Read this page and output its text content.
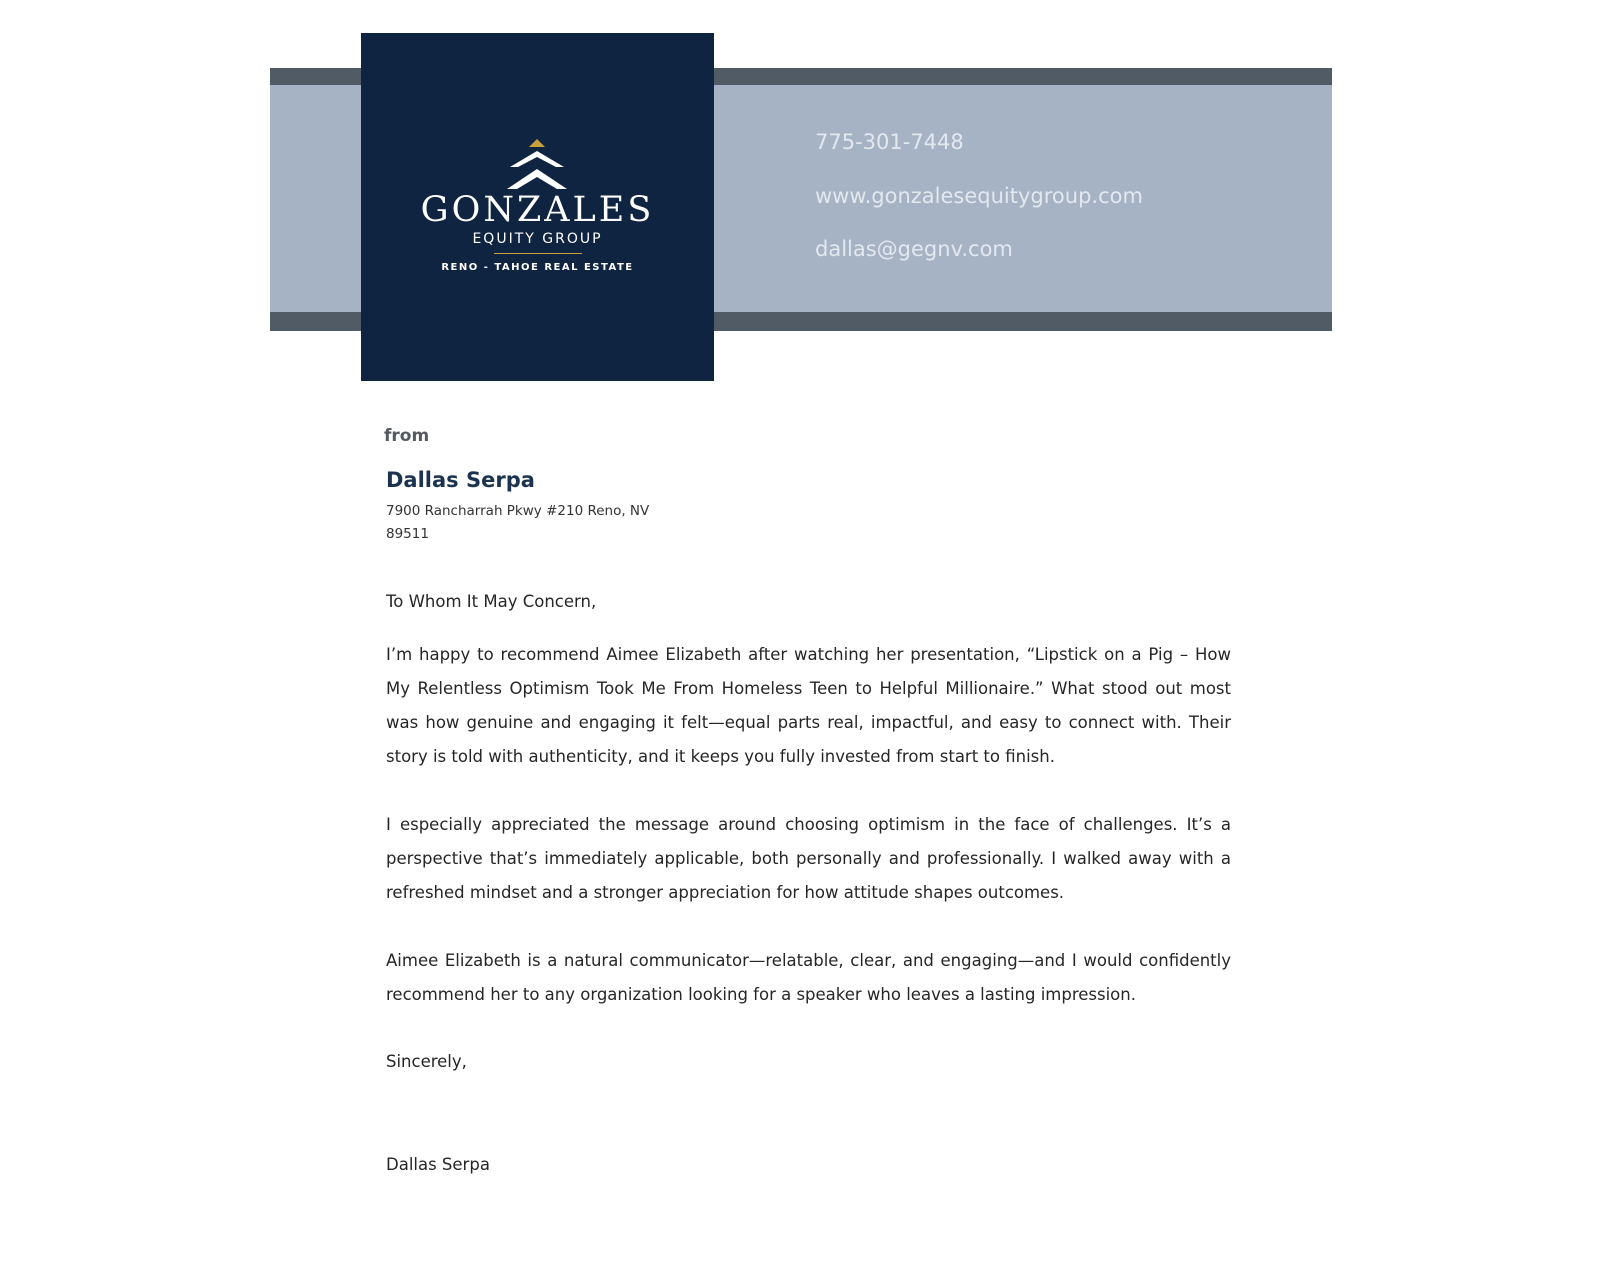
GONZALES
EQUITY GROUP
RENO - TAHOE REAL ESTATE
775-301-7448
www.gonzalesequitygroup.com
dallas@gegnv.com
from
Dallas Serpa
7900 Rancharrah Pkwy #210 Reno, NV
89511
To Whom It May Concern,

I’m happy to recommend Aimee Elizabeth after watching her presentation, “Lipstick on a Pig – How My Relentless Optimism Took Me From Homeless Teen to Helpful Millionaire.” What stood out most was how genuine and engaging it felt—equal parts real, impactful, and easy to connect with. Their story is told with authenticity, and it keeps you fully invested from start to finish.

I especially appreciated the message around choosing optimism in the face of challenges. It’s a perspective that’s immediately applicable, both personally and professionally. I walked away with a refreshed mindset and a stronger appreciation for how attitude shapes outcomes.

Aimee Elizabeth is a natural communicator—relatable, clear, and engaging—and I would confidently recommend her to any organization looking for a speaker who leaves a lasting impression.

Sincerely,
Dallas Serpa
